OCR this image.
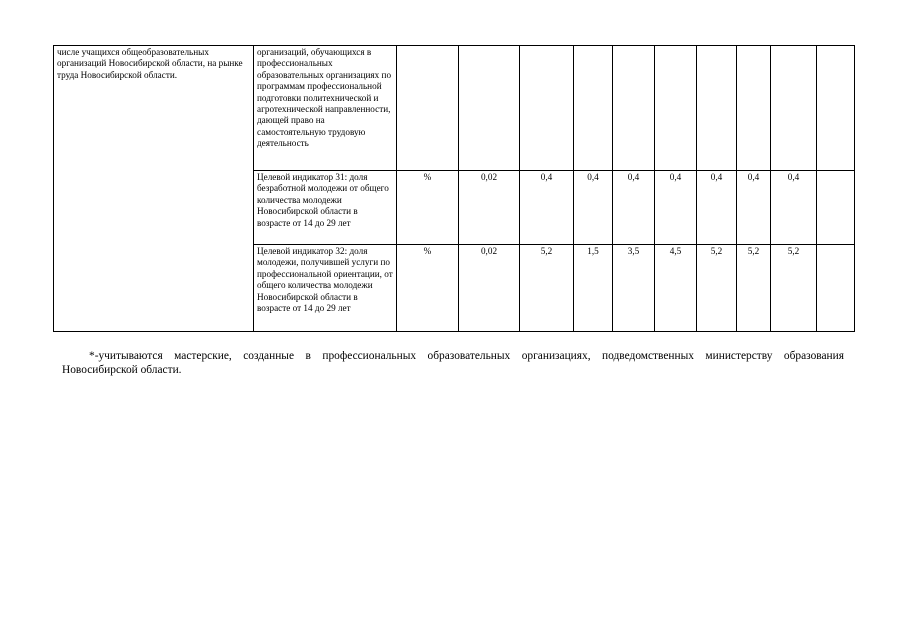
числе учащихся общеобразовательных организаций Новосибирской области, на рынке труда Новосибирской области.	организаций, обучающихся в профессиональных образовательных организациях по программам профессиональной подготовки политехнической и агротехнической направленности, дающей право на самостоятельную трудовую деятельность										
	Целевой индикатор 31: доля безработной молодежи от общего количества молодежи Новосибирской области в возрасте от 14 до 29 лет	%	0,02	0,4	0,4	0,4	0,4	0,4	0,4	0,4	
	Целевой индикатор 32: доля молодежи, получившей услуги по профессиональной ориентации, от общего количества молодежи Новосибирской области в возрасте от 14 до 29 лет	%	0,02	5,2	1,5	3,5	4,5	5,2	5,2	5,2	

*-учитываются мастерские, созданные в профессиональных образовательных организациях, подведомственных министерству образования Новосибирской области.
